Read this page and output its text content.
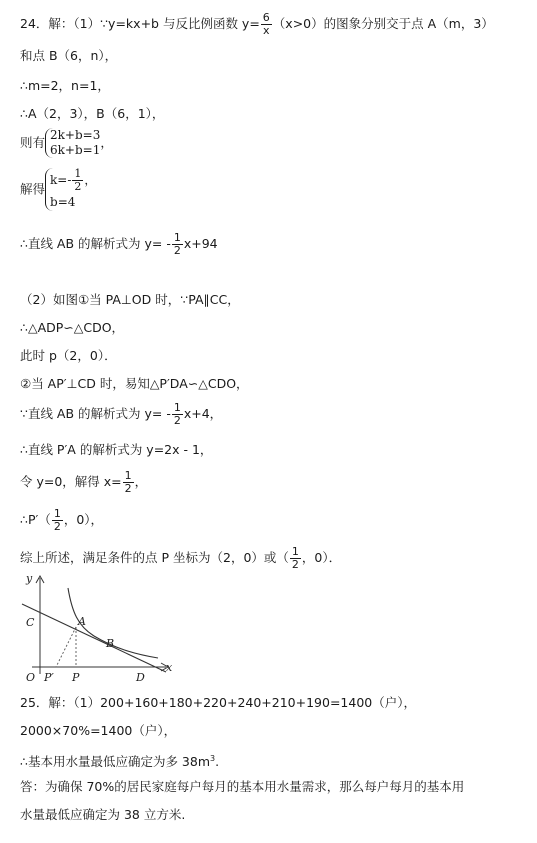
24．解：（1）∵y=kx+b 与反比例函数 $y= \frac{6}{x} (x>0)$的图象分别交于点 A（m，3）
和点 B（6，n），
∴m=2，n=1，
∴A（2，3），B（6，1），
则有 2k+b=3
6k+b=1 ，
解得
$k=- \frac{1}{2}$ ，
b=4
∴直线 AB 的解析式为 $y= - \frac{1}{2} x+94$
（2）如图①当 PA⊥OD 时，∵PA∥CC，
∴△ADP∽△CDO，
此时 p（2，0）．
②当 AP′⊥CD 时，易知△P′DA∽△CDO，
∵直线 AB 的解析式为 $y= - \frac{1}{2} x+4$，
∴直线 P′A 的解析式为 y=2x - 1，
令 y=0，解得 $x= \frac{1}{2}$ ，
∴P′（ $\frac{1}{2}$ ，0），
综上所述，满足条件的点 P 坐标为（2，0）或（ $\frac{1}{2}$ ，0）．
y
x
C	A
B
O P′ P	D
25．解：（1）200+160+180+220+240+210+190=1400（户），
2000×70%=1400（户），
∴基本用水量最低应确定为多 $38m^3$.
答：为确保 70%的居民家庭每户每月的基本用水量需求，那么每户每月的基本用
水量最低应确定为 38 立方米.
